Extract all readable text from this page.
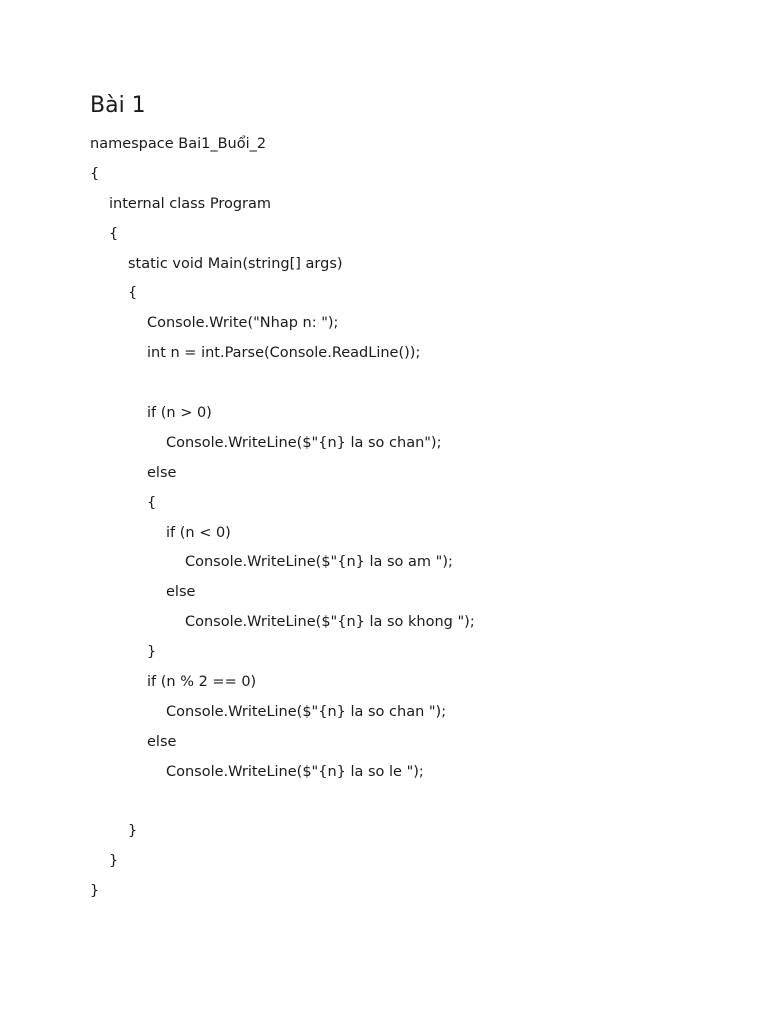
Bài 1
namespace Bai1_Buổi_2
{
internal class Program
{
static void Main(string[] args)
{
Console.Write("Nhap n: ");
int n = int.Parse(Console.ReadLine());
if (n > 0)
Console.WriteLine($"{n} la so chan");
else
{
if (n < 0)
Console.WriteLine($"{n} la so am ");
else
Console.WriteLine($"{n} la so khong ");
}
if (n % 2 == 0)
Console.WriteLine($"{n} la so chan ");
else
Console.WriteLine($"{n} la so le ");
}
}
}
